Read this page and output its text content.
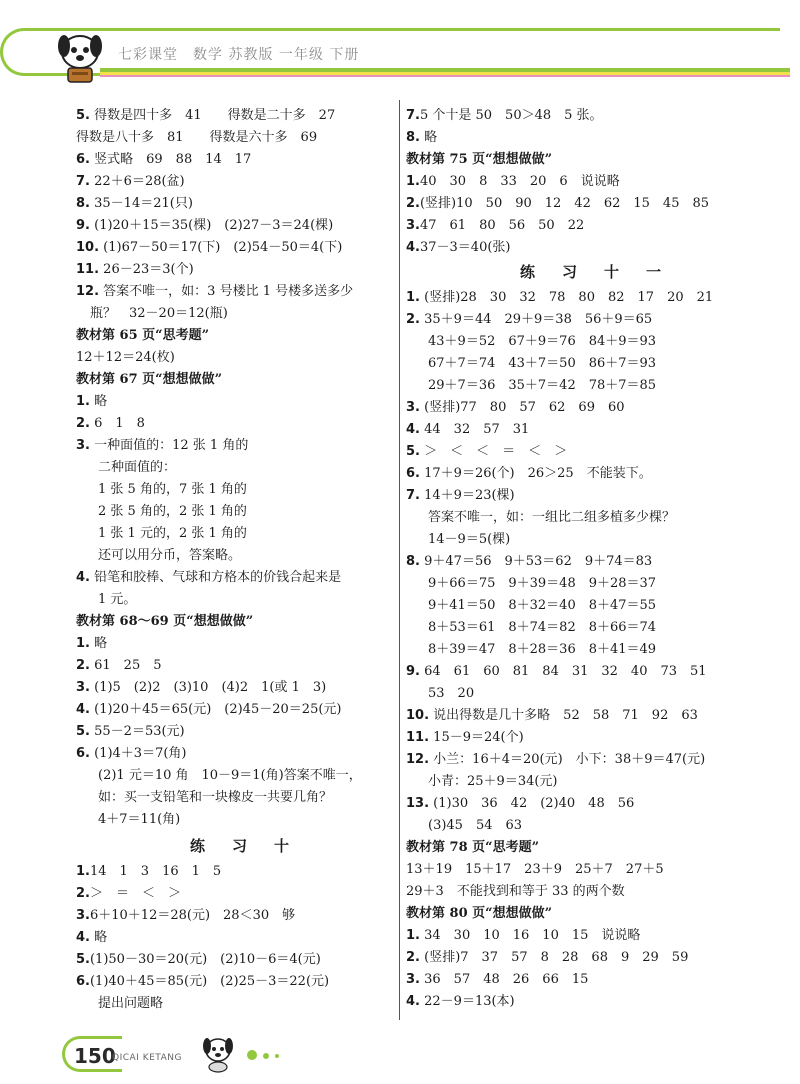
七彩课堂　数学 苏教版 一年级 下册
5. 得数是四十多　41　　得数是二十多　27
得数是八十多　81　　得数是六十多　69
6. 竖式略　69　88　14　17
7. 22＋6＝28(盆)
8. 35－14＝21(只)
9. (1)20＋15＝35(棵)　(2)27－3＝24(棵)
10. (1)67－50＝17(下)　(2)54－50＝4(下)
11. 26－23＝3(个)
12. 答案不唯一，如：3 号楼比 1 号楼多送多少
瓶？　32－20＝12(瓶)
教材第 65 页“思考题”
12＋12＝24(枚)
教材第 67 页“想想做做”
1. 略
2. 6　1　8
3. 一种面值的：12 张 1 角的
二种面值的：
1 张 5 角的，7 张 1 角的
2 张 5 角的，2 张 1 角的
1 张 1 元的，2 张 1 角的
还可以用分币，答案略。
4. 铅笔和胶棒、气球和方格本的价钱合起来是
1 元。
教材第 68～69 页“想想做做”
1. 略
2. 61　25　5
3. (1)5　(2)2　(3)10　(4)2　1(或 1　3)
4. (1)20＋45＝65(元)　(2)45－20＝25(元)
5. 55－2＝53(元)
6. (1)4＋3＝7(角)
(2)1 元＝10 角　10－9＝1(角)答案不唯一，
如：买一支铅笔和一块橡皮一共要几角？
4＋7＝11(角)
练　习　十
1.14　1　3　16　1　5
2.＞　＝　＜　＞
3.6＋10＋12＝28(元)　28＜30　够
4. 略
5.(1)50－30＝20(元)　(2)10－6＝4(元)
6.(1)40＋45＝85(元)　(2)25－3＝22(元)
提出问题略
7.5 个十是 50　50＞48　5 张。
8. 略
教材第 75 页“想想做做”
1.40　30　8　33　20　6　说说略
2.(竖排)10　50　90　12　42　62　15　45　85
3.47　61　80　56　50　22
4.37－3＝40(张)
练　习　十　一
1. (竖排)28　30　32　78　80　82　17　20　21
2. 35＋9＝44　29＋9＝38　56＋9＝65
43＋9＝52　67＋9＝76　84＋9＝93
67＋7＝74　43＋7＝50　86＋7＝93
29＋7＝36　35＋7＝42　78＋7＝85
3. (竖排)77　80　57　62　69　60
4. 44　32　57　31
5. ＞　＜　＜　＝　＜　＞
6. 17＋9＝26(个)　26＞25　不能装下。
7. 14＋9＝23(棵)
答案不唯一，如：一组比二组多植多少棵？
14－9＝5(棵)
8. 9＋47＝56　9＋53＝62　9＋74＝83
9＋66＝75　9＋39＝48　9＋28＝37
9＋41＝50　8＋32＝40　8＋47＝55
8＋53＝61　8＋74＝82　8＋66＝74
8＋39＝47　8＋28＝36　8＋41＝49
9. 64　61　60　81　84　31　32　40　73　51
53　20
10. 说出得数是几十多略　52　58　71　92　63
11. 15－9＝24(个)
12. 小兰：16＋4＝20(元)　小下：38＋9＝47(元)
小青：25＋9＝34(元)
13. (1)30　36　42　(2)40　48　56
(3)45　54　63
教材第 78 页“思考题”
13＋19　15＋17　23＋9　25＋7　27＋5
29＋3　不能找到和等于 33 的两个数
教材第 80 页“想想做做”
1. 34　30　10　16　10　15　说说略
2. (竖排)7　37　57　8　28　68　9　29　59
3. 36　57　48　26　66　15
4. 22－9＝13(本)
150
QICAI KETANG
